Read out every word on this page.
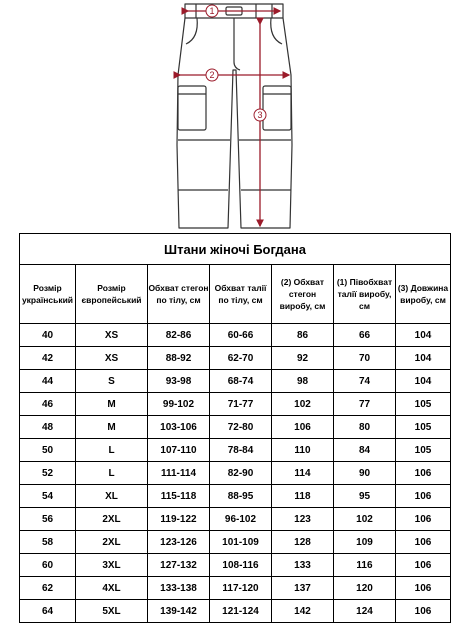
1
2
3
Штани жіночі Богдана						
Розмір український	Розмір європейський	Обхват стегон по тілу, см	Обхват талії по тілу, см	(2) Обхват стегон виробу, см	(1) Півобхват талії виробу, см	(3) Довжина виробу, см
40	XS	82-86	60-66	86	66	104
42	XS	88-92	62-70	92	70	104
44	S	93-98	68-74	98	74	104
46	M	99-102	71-77	102	77	105
48	M	103-106	72-80	106	80	105
50	L	107-110	78-84	110	84	105
52	L	111-114	82-90	114	90	106
54	XL	115-118	88-95	118	95	106
56	2XL	119-122	96-102	123	102	106
58	2XL	123-126	101-109	128	109	106
60	3XL	127-132	108-116	133	116	106
62	4XL	133-138	117-120	137	120	106
64	5XL	139-142	121-124	142	124	106
